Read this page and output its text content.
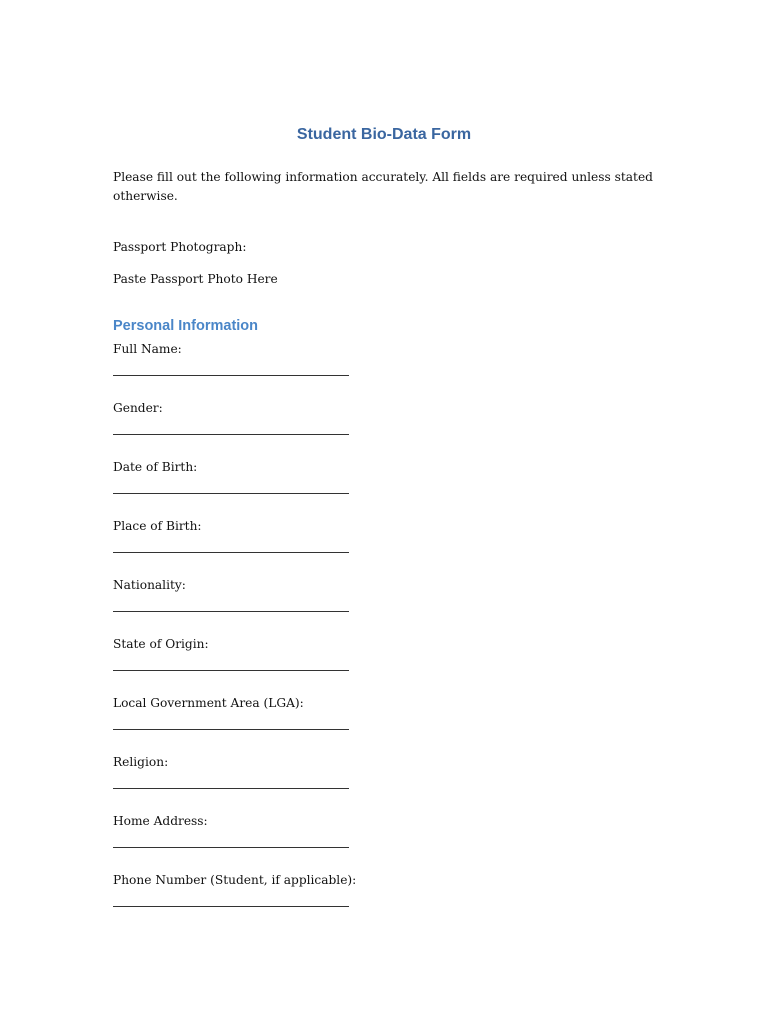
Student Bio-Data Form

Please fill out the following information accurately. All fields are required unless stated otherwise.

Passport Photograph:

Paste Passport Photo Here

Personal Information
Full Name:
Gender:
Date of Birth:
Place of Birth:
Nationality:
State of Origin:
Local Government Area (LGA):
Religion:
Home Address:
Phone Number (Student, if applicable):
